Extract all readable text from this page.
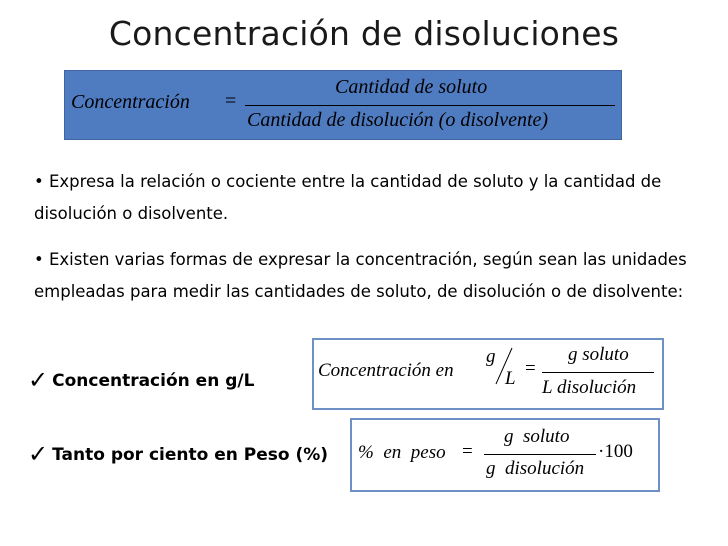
Concentración de disoluciones
Concentración =
Cantidad de soluto
Cantidad de disolución (o disolvente)
• Expresa la relación o cociente entre la cantidad de soluto y la cantidad de disolución o disolvente.
• Existen varias formas de expresar la concentración, según sean las unidades empleadas para medir las cantidades de soluto, de disolución o de disolvente:
✓ Concentración en g/L	Concentración en
g
L =
g soluto
L disolución
✓ Tanto por ciento en Peso (%) %  en  peso =
g  soluto
g  disolución
·100
